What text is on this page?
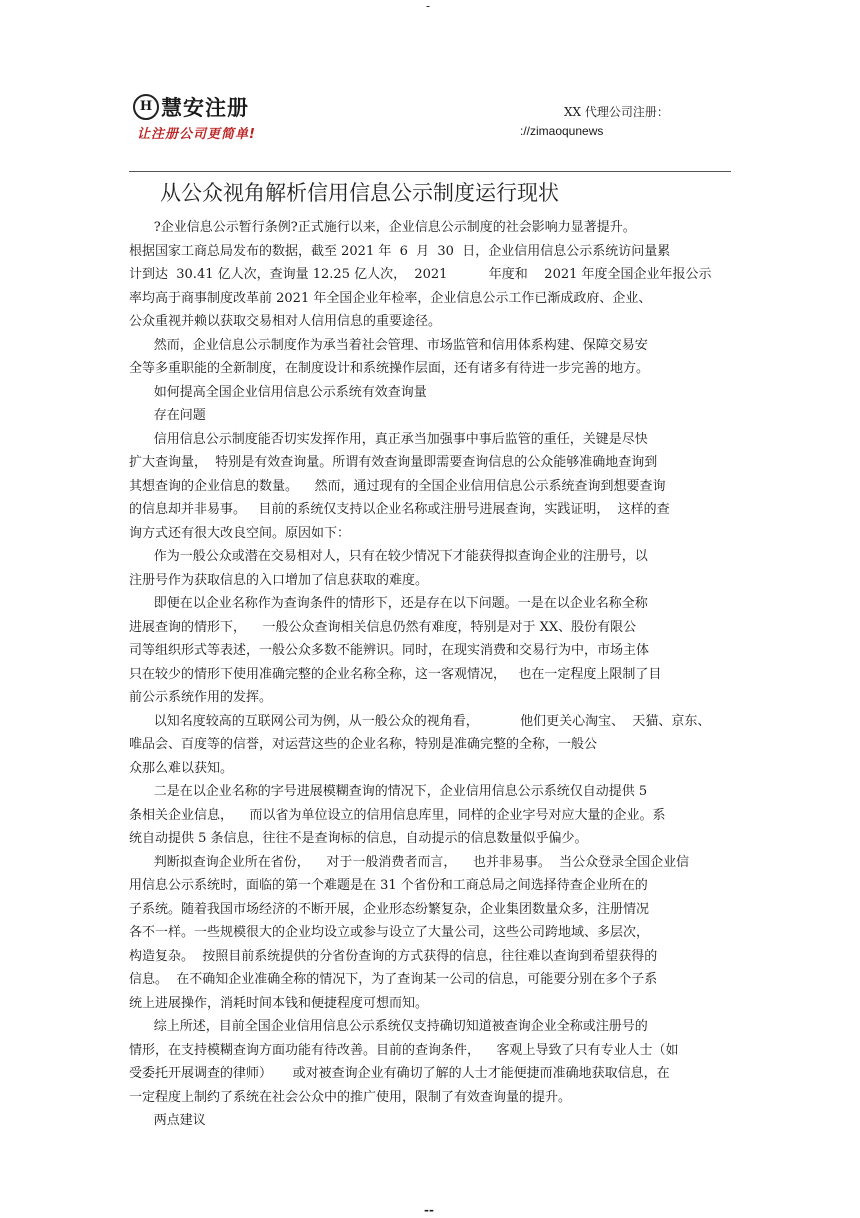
-
H 慧安注册
让注册公司更简单!
XX 代理公司注册：
://zimaoqunews
从公众视角解析信用信息公示制度运行现状
?企业信息公示暂行条例?正式施行以来，企业信息公示制度的社会影响力显著提升。
根据国家工商总局发布的数据，截至 2021 年  6  月  30  日，企业信用信息公示系统访问量累
计到达  30.41 亿人次，查询量 12.25 亿人次，  2021          年度和    2021 年度全国企业年报公示
率均高于商事制度改革前 2021 年全国企业年检率，企业信息公示工作已渐成政府、企业、
公众重视并赖以获取交易相对人信用信息的重要途径。
然而，企业信息公示制度作为承当着社会管理、市场监管和信用体系构建、保障交易安
全等多重职能的全新制度，在制度设计和系统操作层面，还有诸多有待进一步完善的地方。
如何提高全国企业信用信息公示系统有效查询量
存在问题
信用信息公示制度能否切实发挥作用，真正承当加强事中事后监管的重任，关键是尽快
扩大查询量，  特别是有效查询量。所谓有效查询量即需要查询信息的公众能够准确地查询到
其想查询的企业信息的数量。    然而，通过现有的全国企业信用信息公示系统查询到想要查询
的信息却并非易事。   目前的系统仅支持以企业名称或注册号进展查询，实践证明，  这样的查
询方式还有很大改良空间。原因如下：
作为一般公众或潜在交易相对人，只有在较少情况下才能获得拟查询企业的注册号，以
注册号作为获取信息的入口增加了信息获取的难度。
即便在以企业名称作为查询条件的情形下，还是存在以下问题。一是在以企业名称全称
进展查询的情形下，    一般公众查询相关信息仍然有难度，特别是对于 XX、股份有限公
司等组织形式等表述，一般公众多数不能辨识。同时，在现实消费和交易行为中，市场主体
只在较少的情形下使用准确完整的企业名称全称，这一客观情况，   也在一定程度上限制了目
前公示系统作用的发挥。
以知名度较高的互联网公司为例，从一般公众的视角看，          他们更关心淘宝、  天猫、京东、
唯品会、百度等的信誉，对运营这些的企业名称，特别是准确完整的全称，一般公
众那么难以获知。
二是在以企业名称的字号进展模糊查询的情况下，企业信用信息公示系统仅自动提供 5
条相关企业信息，    而以省为单位设立的信用信息库里，同样的企业字号对应大量的企业。系
统自动提供 5 条信息，往往不是查询标的信息，自动提示的信息数量似乎偏少。
判断拟查询企业所在省份，    对于一般消费者而言，    也并非易事。  当公众登录全国企业信
用信息公示系统时，面临的第一个难题是在 31 个省份和工商总局之间选择待查企业所在的
子系统。随着我国市场经济的不断开展，企业形态纷繁复杂，企业集团数量众多，注册情况
各不一样。一些规模很大的企业均设立或参与设立了大量公司，这些公司跨地域、多层次，
构造复杂。  按照目前系统提供的分省份查询的方式获得的信息，往往难以查询到希望获得的
信息。  在不确知企业准确全称的情况下，为了查询某一公司的信息，可能要分别在多个子系
统上进展操作，消耗时间本钱和便捷程度可想而知。
综上所述，目前全国企业信用信息公示系统仅支持确切知道被查询企业全称或注册号的
情形，在支持模糊查询方面功能有待改善。目前的查询条件，    客观上导致了只有专业人士（如
受委托开展调查的律师）     或对被查询企业有确切了解的人士才能便捷而准确地获取信息，在
一定程度上制约了系统在社会公众中的推广使用，限制了有效查询量的提升。
两点建议
--
